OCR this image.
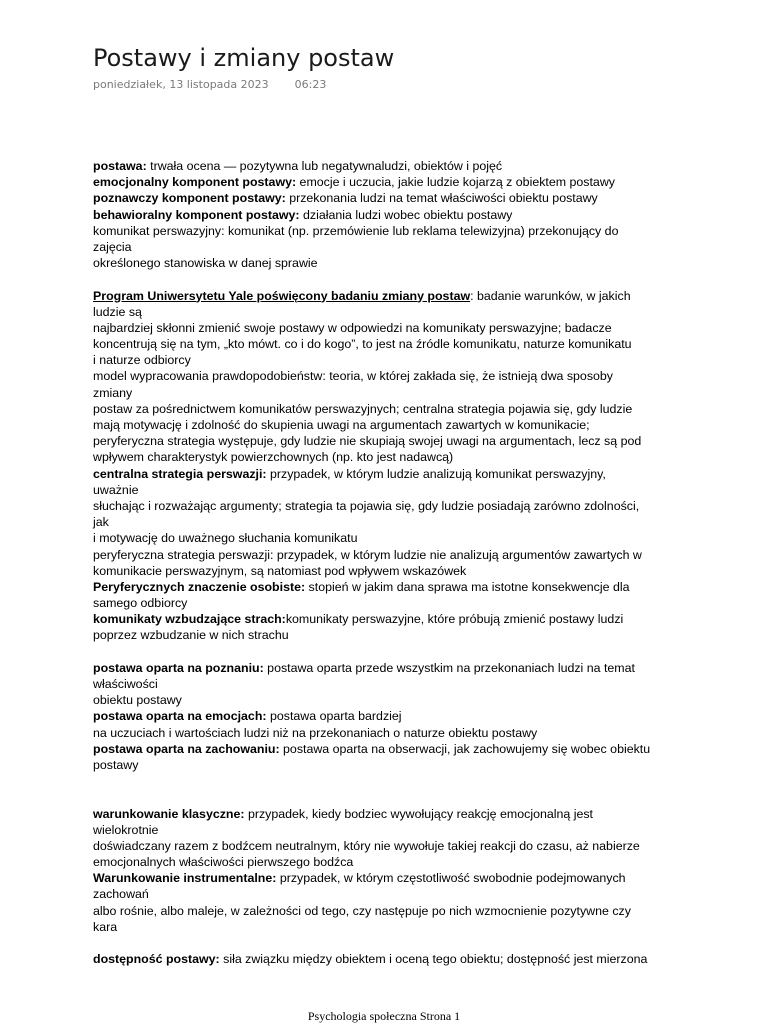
Postawy i zmiany postaw
poniedziałek, 13 listopada 2023 06:23
postawa: trwała ocena — pozytywna lub negatywnaludzi, obiektów i pojęć
emocjonalny komponent postawy: emocje i uczucia, jakie ludzie kojarzą z obiektem postawy
poznawczy komponent postawy: przekonania ludzi na temat właściwości obiektu postawy
behawioralny komponent postawy: działania ludzi wobec obiektu postawy
komunikat perswazyjny: komunikat (np. przemówienie lub reklama telewizyjna) przekonujący do
zajęcia
określonego stanowiska w danej sprawie
Program Uniwersytetu Yale poświęcony badaniu zmiany postaw: badanie warunków, w jakich
ludzie są
najbardziej skłonni zmienić swoje postawy w odpowiedzi na komunikaty perswazyjne; badacze
koncentrują się na tym, „kto mówt. co i do kogo”, to jest na źródle komunikatu, naturze komunikatu
i naturze odbiorcy
model wypracowania prawdopodobieństw: teoria, w której zakłada się, że istnieją dwa sposoby
zmiany
postaw za pośrednictwem komunikatów perswazyjnych; centralna strategia pojawia się, gdy ludzie
mają motywację i zdolność do skupienia uwagi na argumentach zawartych w komunikacie;
peryferyczna strategia występuje, gdy ludzie nie skupiają swojej uwagi na argumentach, lecz są pod
wpływem charakterystyk powierzchownych (np. kto jest nadawcą)
centralna strategia perswazji: przypadek, w którym ludzie analizują komunikat perswazyjny,
uważnie
słuchając i rozważając argumenty; strategia ta pojawia się, gdy ludzie posiadają zarówno zdolności,
jak
i motywację do uważnego słuchania komunikatu
peryferyczna strategia perswazji: przypadek, w którym ludzie nie analizują argumentów zawartych w
komunikacie perswazyjnym, są natomiast pod wpływem wskazówek
Peryferycznych znaczenie osobiste: stopień w jakim dana sprawa ma istotne konsekwencje dla
samego odbiorcy
komunikaty wzbudzające strach:komunikaty perswazyjne, które próbują zmienić postawy ludzi
poprzez wzbudzanie w nich strachu
postawa oparta na poznaniu: postawa oparta przede wszystkim na przekonaniach ludzi na temat
właściwości
obiektu postawy
postawa oparta na emocjach: postawa oparta bardziej
na uczuciach i wartościach ludzi niż na przekonaniach o naturze obiektu postawy
postawa oparta na zachowaniu: postawa oparta na obserwacji, jak zachowujemy się wobec obiektu
postawy
warunkowanie klasyczne: przypadek, kiedy bodziec wywołujący reakcję emocjonalną jest
wielokrotnie
doświadczany razem z bodźcem neutralnym, który nie wywołuje takiej reakcji do czasu, aż nabierze
emocjonalnych właściwości pierwszego bodźca
Warunkowanie instrumentalne: przypadek, w którym częstotliwość swobodnie podejmowanych
zachowań
albo rośnie, albo maleje, w zależności od tego, czy następuje po nich wzmocnienie pozytywne czy
kara
dostępność postawy: siła związku między obiektem i oceną tego obiektu; dostępność jest mierzona
Psychologia społeczna Strona 1
